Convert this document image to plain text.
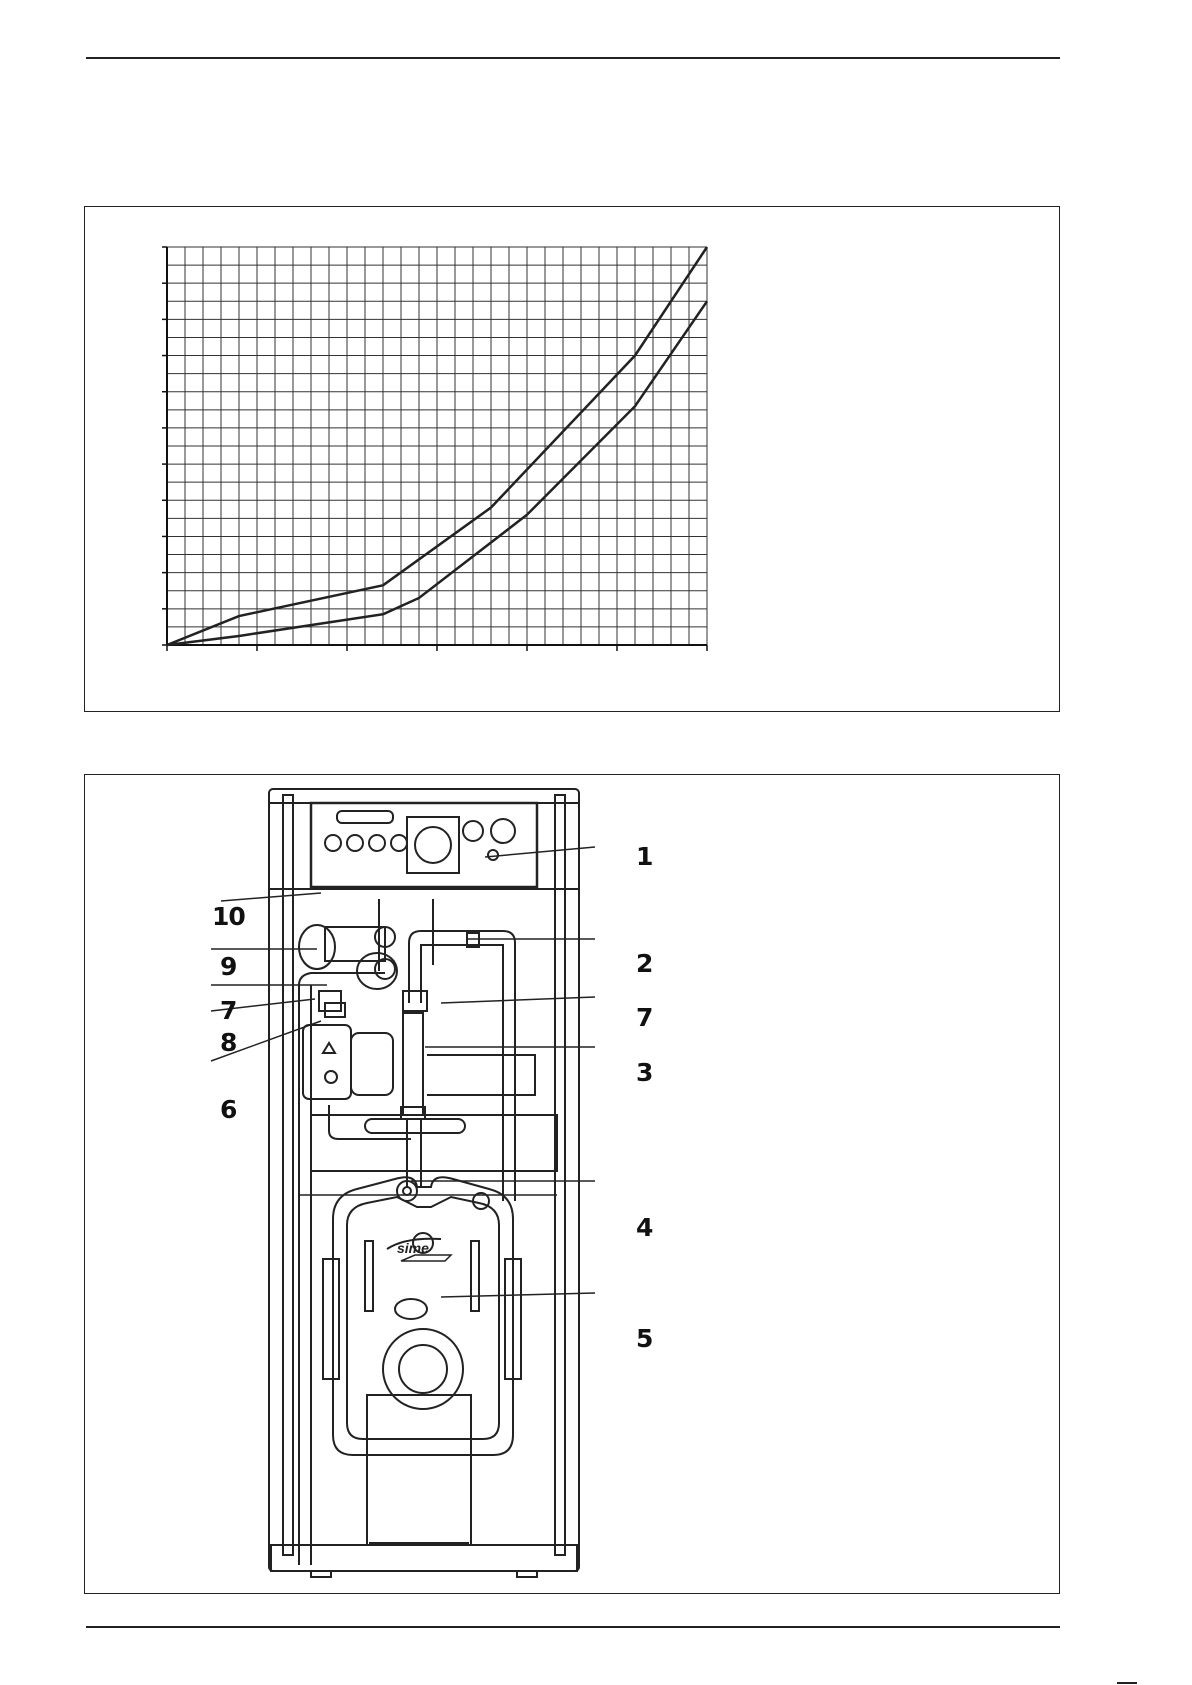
sime
1
2
3
4
5
6
7	7
8
9
10
